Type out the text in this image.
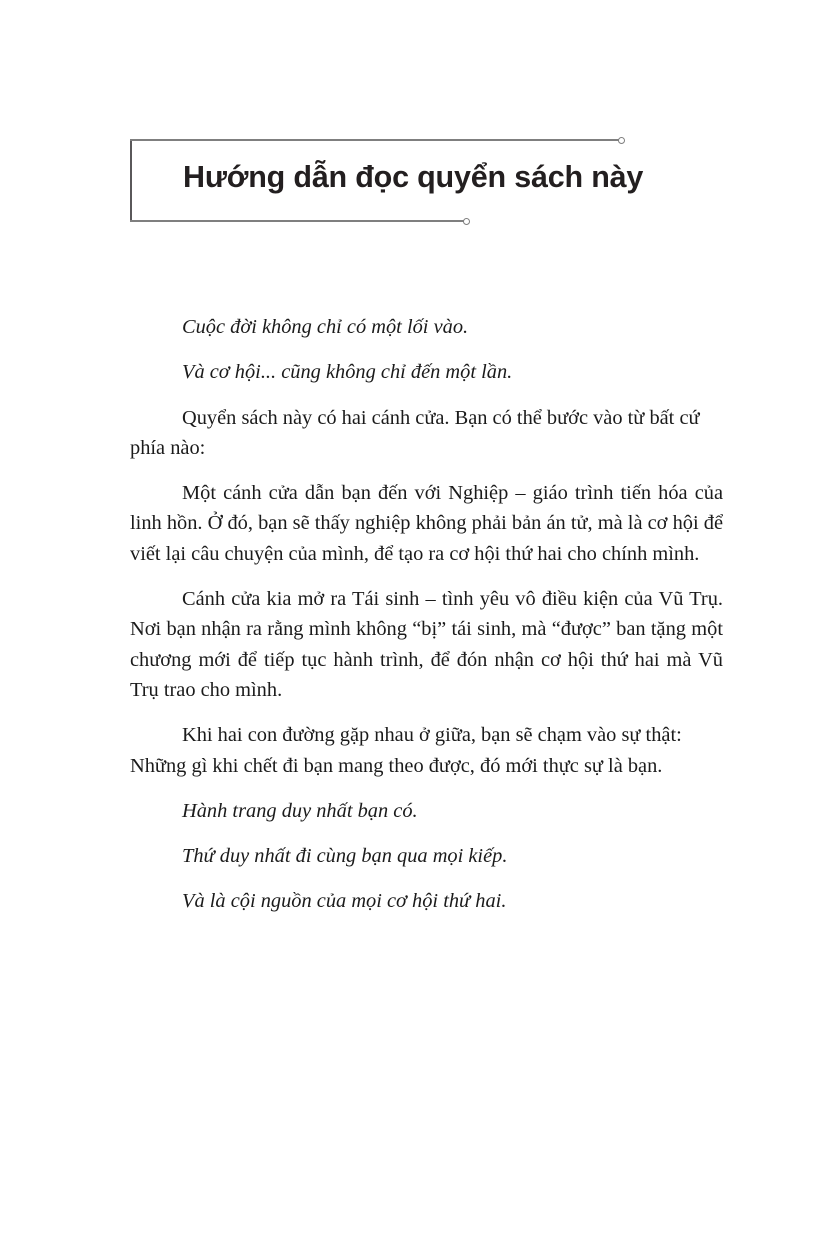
Hướng dẫn đọc quyển sách này

Cuộc đời không chỉ có một lối vào.

Và cơ hội... cũng không chỉ đến một lần.

Quyển sách này có hai cánh cửa. Bạn có thể bước vào từ bất cứ phía nào:

Một cánh cửa dẫn bạn đến với Nghiệp – giáo trình tiến hóa của linh hồn. Ở đó, bạn sẽ thấy nghiệp không phải bản án tử, mà là cơ hội để viết lại câu chuyện của mình, để tạo ra cơ hội thứ hai cho chính mình.

Cánh cửa kia mở ra Tái sinh – tình yêu vô điều kiện của Vũ Trụ. Nơi bạn nhận ra rằng mình không “bị” tái sinh, mà “được” ban tặng một chương mới để tiếp tục hành trình, để đón nhận cơ hội thứ hai mà Vũ Trụ trao cho mình.

Khi hai con đường gặp nhau ở giữa, bạn sẽ chạm vào sự thật: Những gì khi chết đi bạn mang theo được, đó mới thực sự là bạn.

Hành trang duy nhất bạn có.

Thứ duy nhất đi cùng bạn qua mọi kiếp.

Và là cội nguồn của mọi cơ hội thứ hai.
